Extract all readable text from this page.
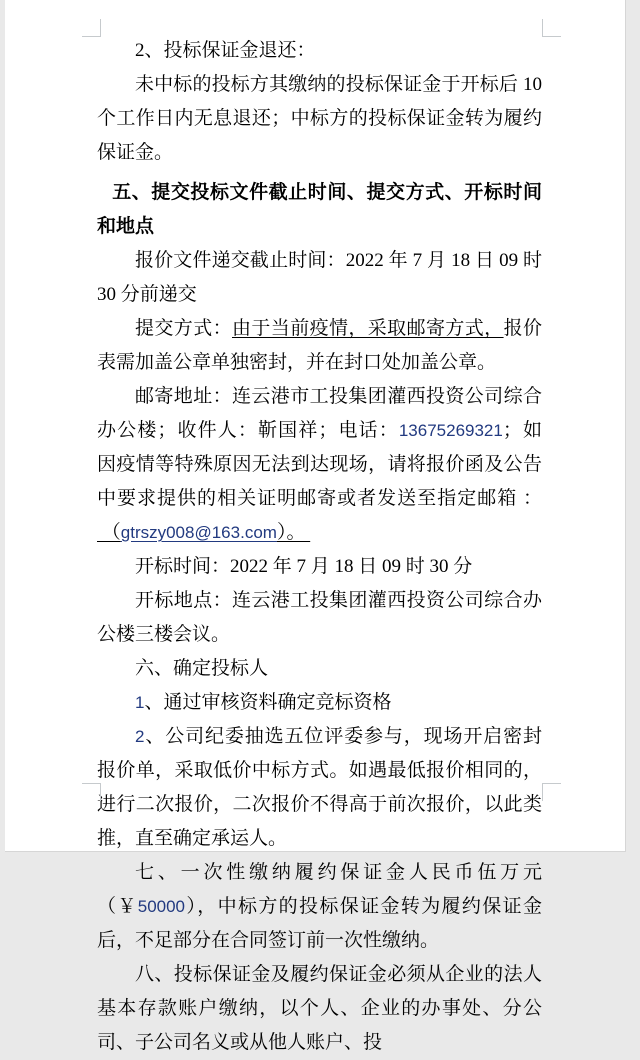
2、投标保证金退还：

未中标的投标方其缴纳的投标保证金于开标后 10 个工作日内无息退还；中标方的投标保证金转为履约保证金。

五、提交投标文件截止时间、提交方式、开标时间和地点

报价文件递交截止时间：2022 年 7 月 18 日 09 时 30 分前递交

提交方式：由于当前疫情，采取邮寄方式，报价表需加盖公章单独密封，并在封口处加盖公章。

邮寄地址：连云港市工投集团灌西投资公司综合办公楼；收件人：靳国祥；电话：13675269321；如因疫情等特殊原因无法到达现场，请将报价函及公告中要求提供的相关证明邮寄或者发送至指定邮箱 ：  （gtrszy008@163.com）。

开标时间：2022 年 7 月 18 日 09 时 30 分

开标地点：连云港工投集团灌西投资公司综合办公楼三楼会议。

六、确定投标人

1、通过审核资料确定竞标资格

2、公司纪委抽选五位评委参与，现场开启密封报价单，采取低价中标方式。如遇最低报价相同的，进行二次报价，二次报价不得高于前次报价，以此类推，直至确定承运人。

七、一次性缴纳履约保证金人民币伍万元（￥50000），中标方的投标保证金转为履约保证金后，不足部分在合同签订前一次性缴纳。

八、投标保证金及履约保证金必须从企业的法人基本存款账户缴纳，以个人、企业的办事处、分公司、子公司名义或从他人账户、投
